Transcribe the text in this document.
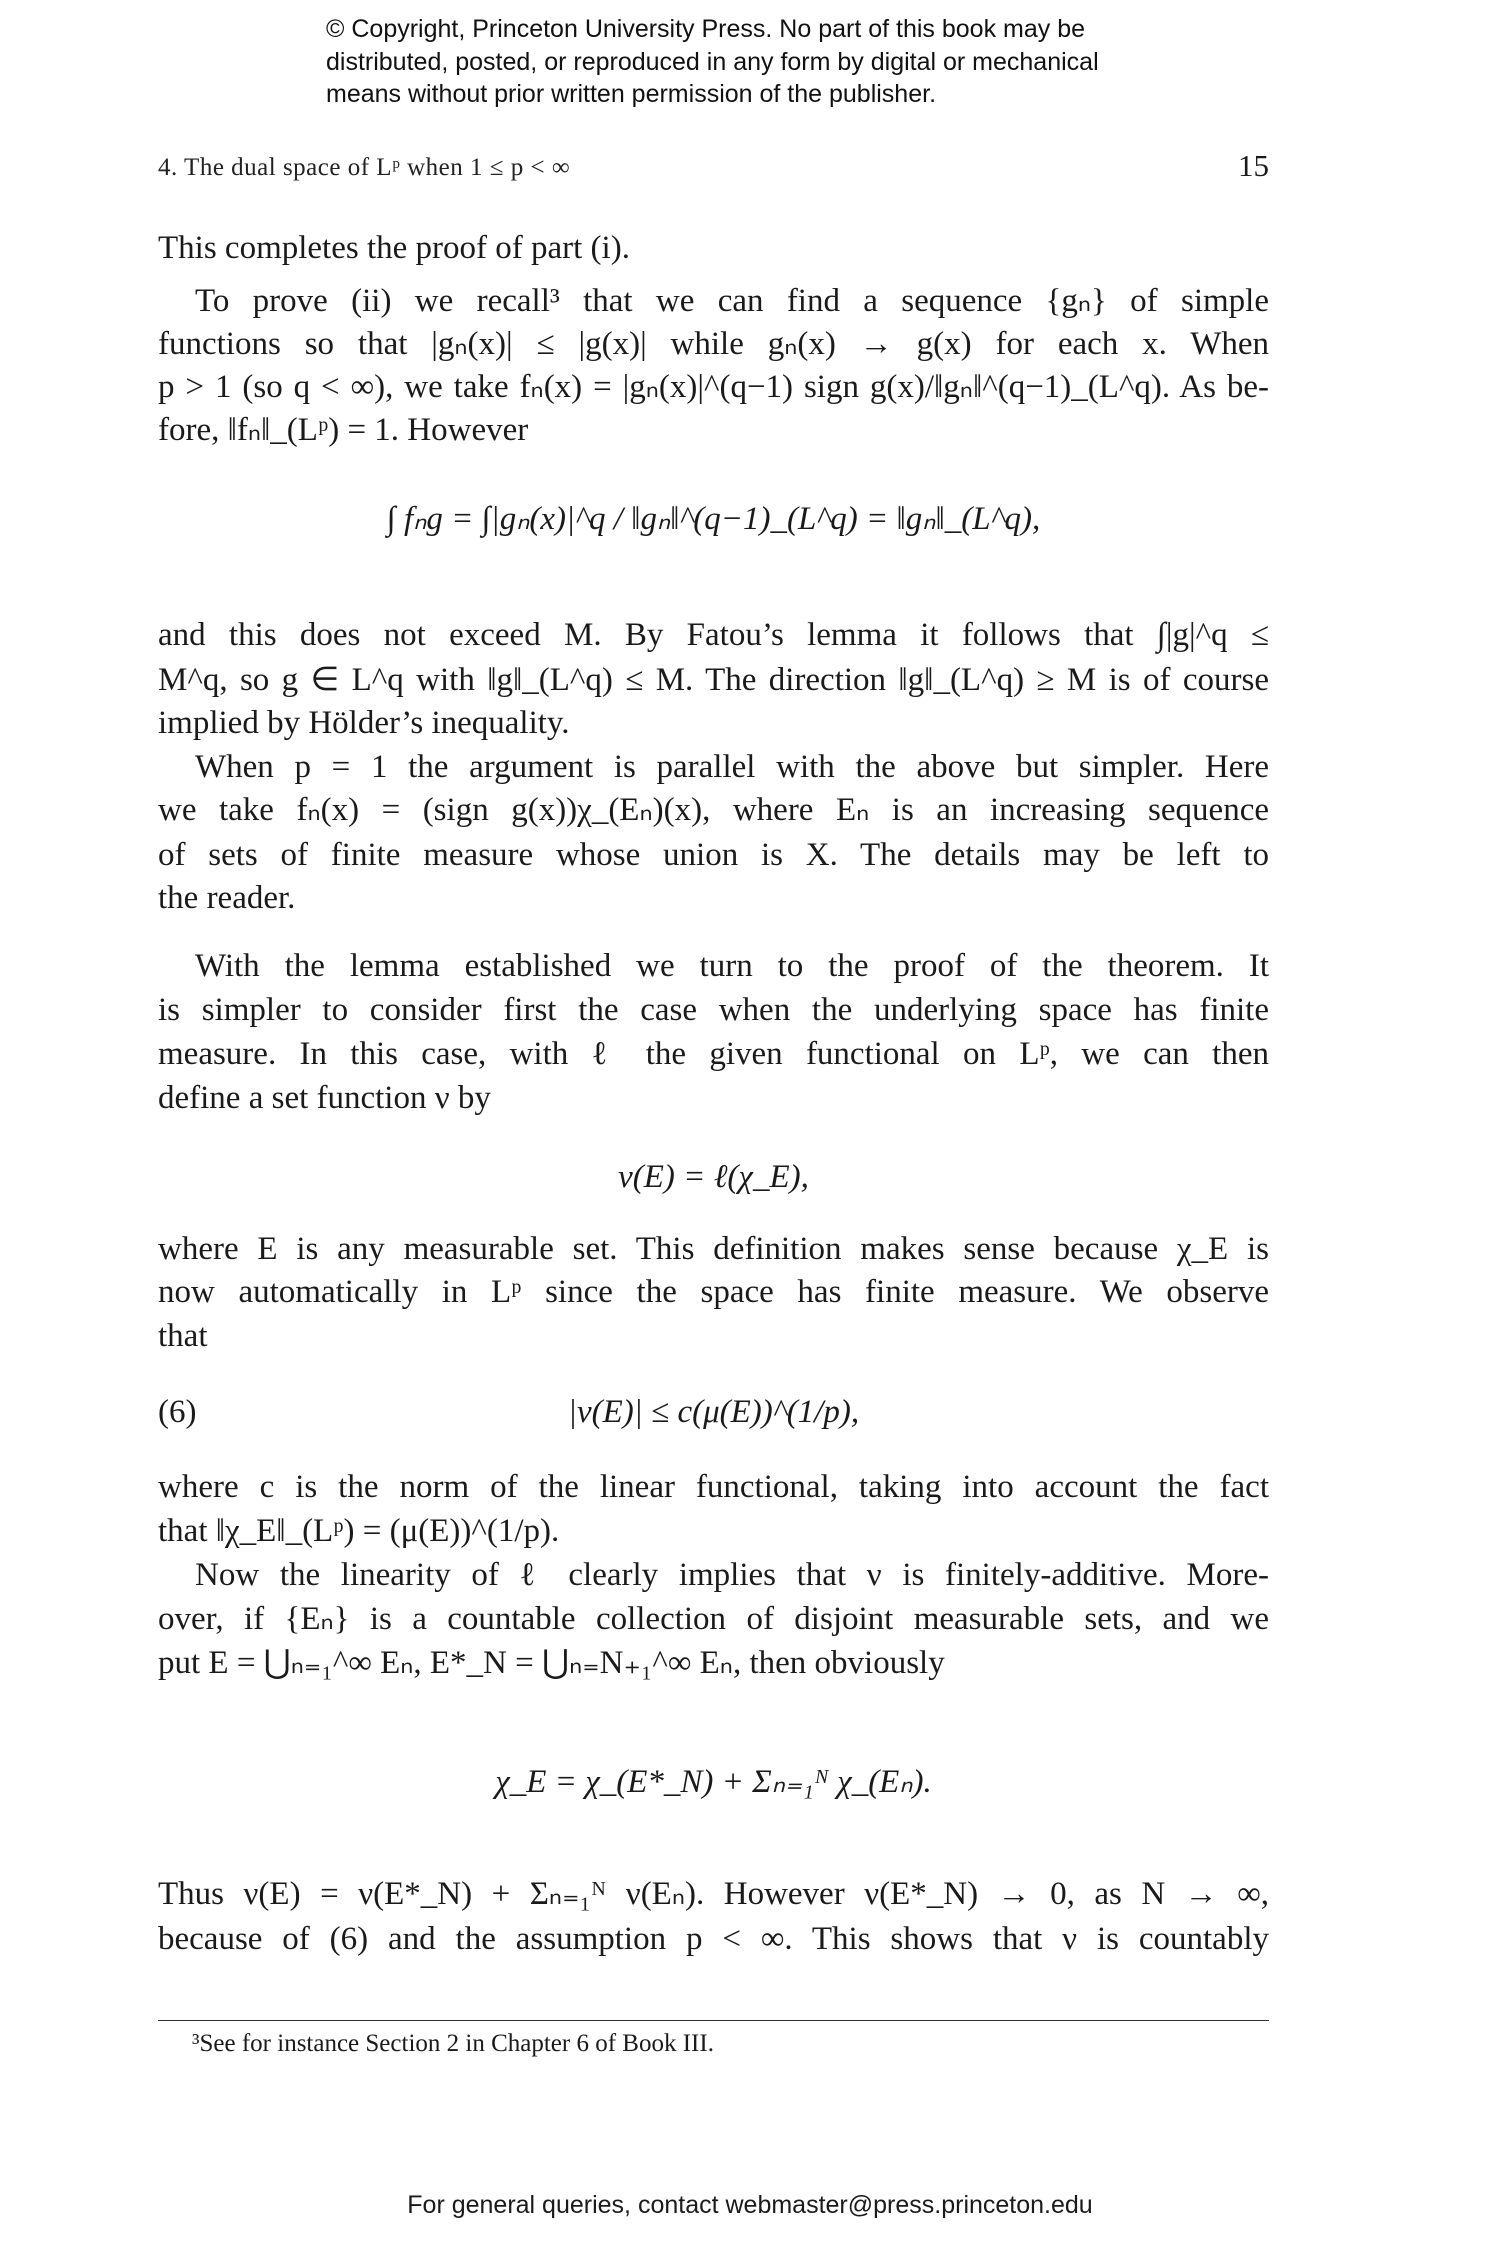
© Copyright, Princeton University Press. No part of this book may be
distributed, posted, or reproduced in any form by digital or mechanical
means without prior written permission of the publisher.
4. The dual space of Lᵖ when 1 ≤ p < ∞	15
This completes the proof of part (i).
To prove (ii) we recall³ that we can find a sequence {gₙ} of simple
functions so that |gₙ(x)| ≤ |g(x)| while gₙ(x) → g(x) for each x. When
p > 1 (so q < ∞), we take fₙ(x) = |gₙ(x)|^(q−1) sign g(x)/‖gₙ‖^(q−1)_(L^q). As be-
fore, ‖fₙ‖_(Lᵖ) = 1. However
∫ fₙg = ∫|gₙ(x)|^q / ‖gₙ‖^(q−1)_(L^q) = ‖gₙ‖_(L^q),
and this does not exceed M. By Fatou’s lemma it follows that ∫|g|^q ≤
M^q, so g ∈ L^q with ‖g‖_(L^q) ≤ M. The direction ‖g‖_(L^q) ≥ M is of course
implied by Hölder’s inequality.
When p = 1 the argument is parallel with the above but simpler. Here
we take fₙ(x) = (sign g(x))χ_(Eₙ)(x), where Eₙ is an increasing sequence
of sets of finite measure whose union is X. The details may be left to
the reader.
With the lemma established we turn to the proof of the theorem. It
is simpler to consider first the case when the underlying space has finite
measure. In this case, with ℓ the given functional on Lᵖ, we can then
define a set function ν by
ν(E) = ℓ(χ_E),
where E is any measurable set. This definition makes sense because χ_E is
now automatically in Lᵖ since the space has finite measure. We observe
that
(6)	|ν(E)| ≤ c(μ(E))^(1/p),
where c is the norm of the linear functional, taking into account the fact
that ‖χ_E‖_(Lᵖ) = (μ(E))^(1/p).
Now the linearity of ℓ clearly implies that ν is finitely-additive. More-
over, if {Eₙ} is a countable collection of disjoint measurable sets, and we
put E = ⋃ₙ₌₁^∞ Eₙ, E*_N = ⋃ₙ₌N₊₁^∞ Eₙ, then obviously
χ_E = χ_(E*_N) + Σₙ₌₁ᴺ χ_(Eₙ).
Thus ν(E) = ν(E*_N) + Σₙ₌₁ᴺ ν(Eₙ). However ν(E*_N) → 0, as N → ∞,
because of (6) and the assumption p < ∞. This shows that ν is countably
³See for instance Section 2 in Chapter 6 of Book III.
For general queries, contact webmaster@press.princeton.edu
